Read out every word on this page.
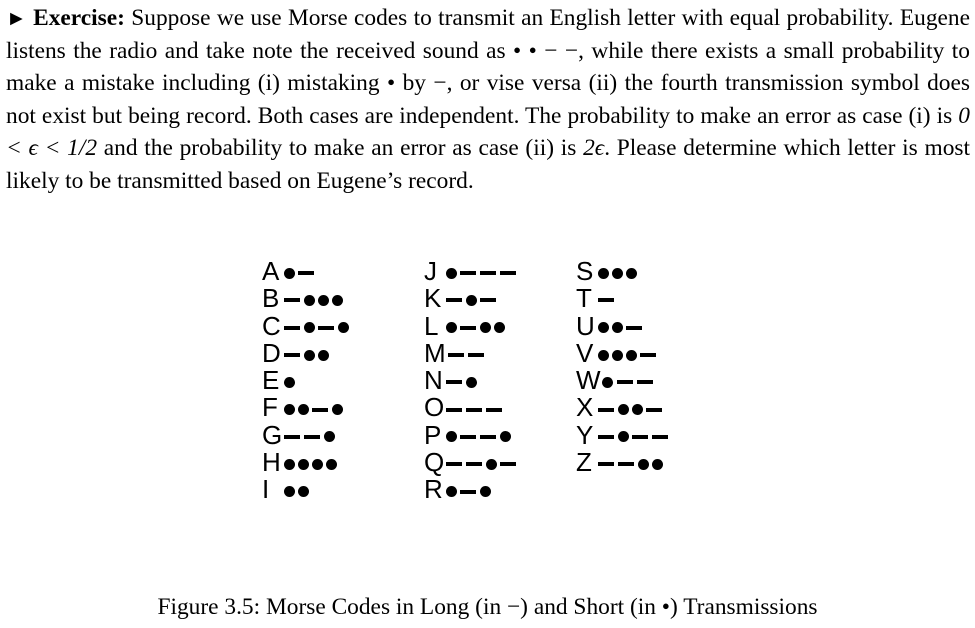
► Exercise: Suppose we use Morse codes to transmit an English letter with equal probability. Eugene listens the radio and take note the received sound as • • − −, while there exists a small probability to make a mistake including (i) mistaking • by −, or vise versa (ii) the fourth transmission symbol does not exist but being record. Both cases are independent. The probability to make an error as case (i) is 0 < ϵ < 1/2 and the probability to make an error as case (ii) is 2ϵ. Please determine which letter is most likely to be transmitted based on Eugene’s record.
A
B
C
D
E
F
G
H
I
J
K
L
M
N
O
P
Q
R
S
T
U
V
W
X
Y
Z
Figure 3.5: Morse Codes in Long (in −) and Short (in •) Transmissions
